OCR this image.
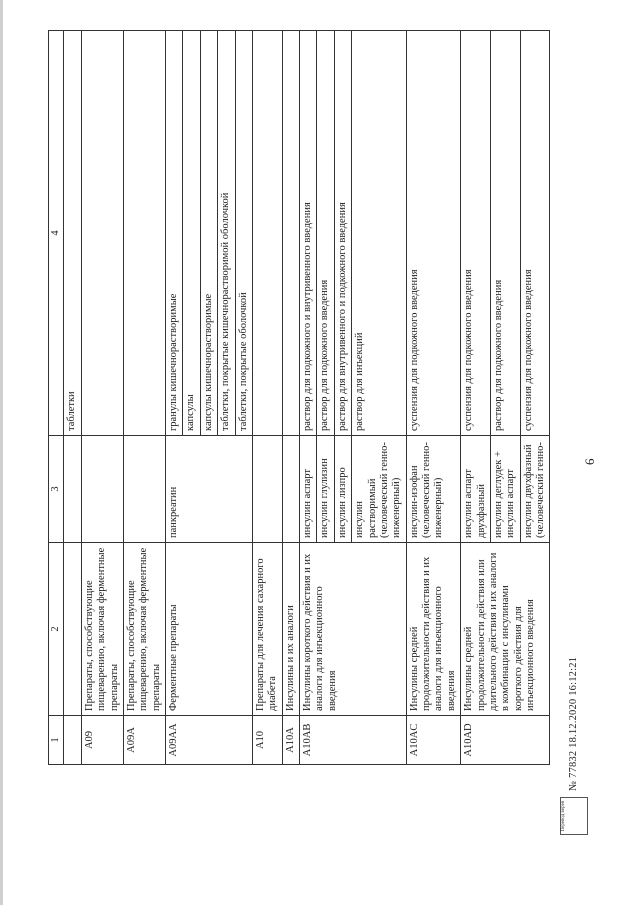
6
1	2	3	4
			таблетки
A09	Препараты, способствующие пищеварению, включая ферментные препараты		
A09A	Препараты, способствующие пищеварению, включая ферментные препараты		
A09AA	Ферментные препараты	панкреатин	гранулы кишечнорастворимые
			капсулы
			капсулы кишечнорастворимые
			таблетки, покрытые кишечнорастворимой оболочкой
			таблетки, покрытые оболочкой
A10	Препараты для лечения сахарного диабета		
A10A	Инсулины и их аналоги		
A10AB	Инсулины короткого действия и их аналоги для инъекционного введения	инсулин аспарт	раствор для подкожного и внутривенного введения
		инсулин глулизин	раствор для подкожного введения
		инсулин лизпро	раствор для внутривенного и подкожного введения
		инсулин растворимый (человеческий генно-инженерный)	раствор для инъекций
A10AC	Инсулины средней продолжительности действия и их аналоги для инъекционного введения	инсулин-изофан (человеческий генно-инженерный)	суспензия для подкожного введения
A10AD	Инсулины средней продолжительности действия или длительного действия и их аналоги в комбинации с инсулинами короткого действия для инъекционного введения	инсулин аспарт двухфазный	суспензия для подкожного введения
		инсулин деглудек + инсулин аспарт	раствор для подкожного введения
		инсулин двухфазный (человеческий генно-	суспензия для подкожного введения
Перевод верен
№ 77832 18.12.2020 16:12:21
